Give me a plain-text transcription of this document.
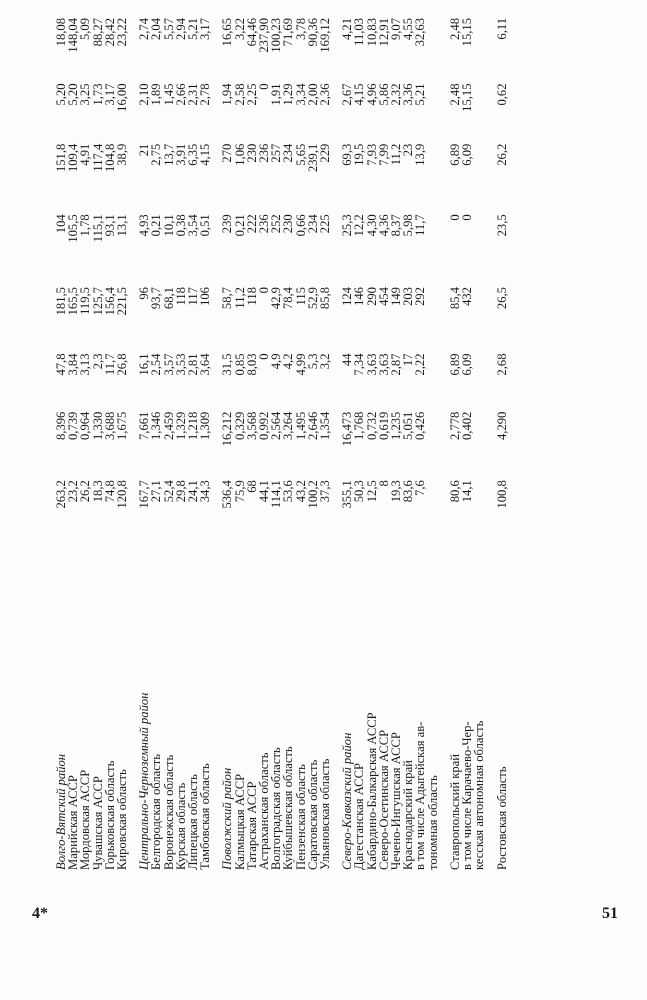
Волго-Вятский район	263,2	8,396	47,8	181,5	104	151,8	5,20	18,08
Марийская АССР	23,2	0,739	3,84	165,5	105,5	109,4	5,20	148,04
Мордовская АССР	26,2	0,964	3,13	119,5	1,78	4,91	3,25	5,09
Чувашская АССР	18,3	1,330	2,3	125,7	115,1	117,4	1,73	88,27
Горьковская область	74,8	3,688	11,7	156,4	93,1	104,8	3,17	28,42
Кировская область	120,8	1,675	26,8	221,5	13,1	38,9	16,00	23,22
Центрально-Черноземный район	167,7	7,661	16,1	96	4,93	21	2,10	2,74
Белгородская область	27,1	1,346	2,54	93,7	0,21	2,75	1,89	2,04
Воронежская область	52,4	2,459	3,57	68,1	10,1	13,7	1,45	5,57
Курская область	29,8	1,329	3,53	118	0,38	3,91	2,66	2,94
Липецкая область	24,1	1,218	2,81	117	3,54	6,35	2,31	5,21
Тамбовская область	34,3	1,309	3,64	106	0,51	4,15	2,78	3,17
Поволжский район	536,4	16,212	31,5	58,7	239	270	1,94	16,65
Калмыцкая АССР	75,9	0,329	0,85	11,2	0,21	1,06	2,58	3,22
Татарская АССР	68	3,568	8,03	118	222	230	2,25	64,46
Астраханская область	44,1	0,992	0	0	236	236	0	237,90
Волгоградская область	114,1	2,564	4,9	42,9	252	257	1,91	100,23
Куйбышевская область	53,6	3,264	4,2	78,4	230	234	1,29	71,69
Пензенская область	43,2	1,495	4,99	115	0,66	5,65	3,34	3,78
Саратовская область	100,2	2,646	5,3	52,9	234	239,1	2,00	90,36
Ульяновская область	37,3	1,354	3,2	85,8	225	229	2,36	169,12
Северо-Кавказский район	355,1	16,473	44	124	25,3	69,3	2,67	4,21
Дагестанская АССР	50,3	1,768	7,34	146	12,2	19,5	4,15	11,03
Кабардино-Балкарская АССР	12,5	0,732	3,63	290	4,30	7,93	4,96	10,83
Северо-Осетинская АССР	8	0,619	3,63	454	4,36	7,99	5,86	12,91
Чечено-Ингушская АССР	19,3	1,235	2,87	149	8,37	11,2	2,32	9,07
Краснодарский край	83,6	5,051	17	203	5,98	23	3,36	4,55
в том числе Адыгейская ав-	7,6	0,426	2,22	292	11,7	13,9	5,21	32,63
тономная область								
Ставропольский край	80,6	2,778	6,89	85,4	0	6,89	2,48	2,48
в том числе Карачаево-Чер-	14,1	0,402	6,09	432	0	6,09	15,15	15,15
кесская автономная область								
Ростовская область	100,8	4,290	2,68	26,5	23,5	26,2	0,62	6,11
4*	51
